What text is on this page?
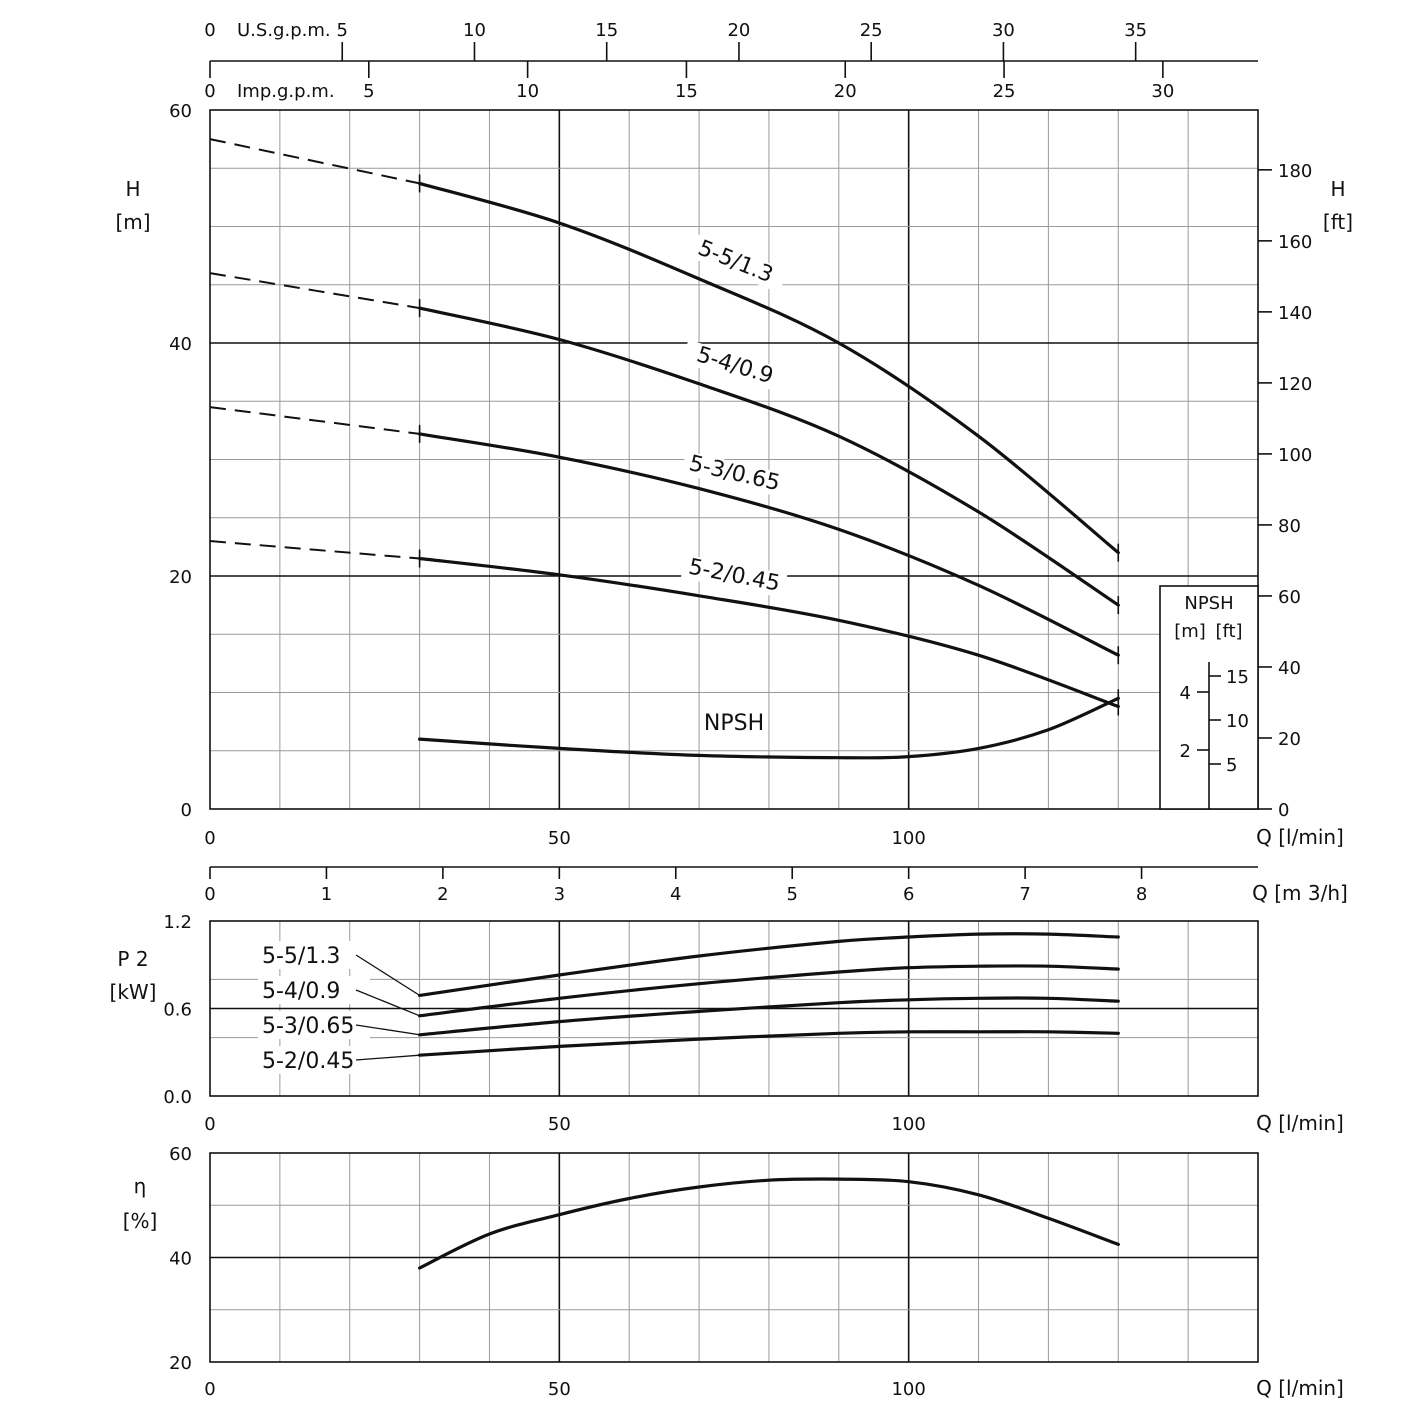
0 U.S.g.p.m. 5	10	15	20	25	30	35
5	10	15	20	25	30
0 Imp.g.p.m.
0
20
40
60
H
[m]
H
[ft]
0
20
40
60
80
100
120
140
160
180
0	50	100	Q [l/min]
5-5/1.3
5-4/0.9
5-3/0.65
5-2/0.45
NPSH
NPSH
[m] [ft]
2
4
5
10
15
0	1	2	3	4	5	6	7	8	Q [m 3/h]
0.0
0.6
1.2
P 2
[kW]
0	50	100	Q [l/min]
5-5/1.3
5-4/0.9
5-3/0.65
5-2/0.45
20
40
60
η
[%]
0	50	100	Q [l/min]
